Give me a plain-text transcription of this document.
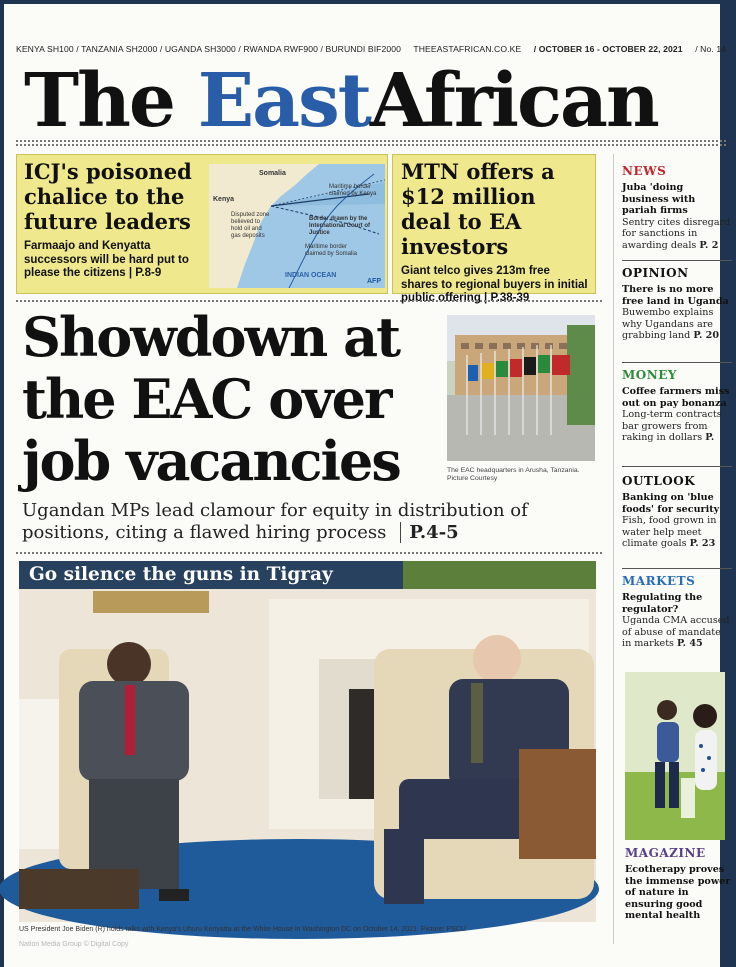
KENYA SH100 / TANZANIA SH2000 / UGANDA SH3000 / RWANDA RWF900 / BURUNDI BIF2000 THEEASTAFRICAN.CO.KE / OCTOBER 16 - OCTOBER 22, 2021 / No. 14
The EastAfrican
ICJ's poisoned chalice to the future leaders

Farmaajo and Kenyatta successors will be hard put to please the citizens | P.8-9

Somalia
Kenya
Disputed zone believed to hold oil and gas deposits
Maritime border claimed by Kenya
Border drawn by the International Court of Justice
Maritime border claimed by Somalia
INDIAN OCEAN
AFP
MTN offers a $12 million deal to EA investors

Giant telco gives 213m free shares to regional buyers in initial public offering | P.38-39

Showdown at the EAC over job vacancies	The EAC headquarters in Arusha, Tanzania.
Picture Courtesy
Ugandan MPs lead clamour for equity in distribution of positions, citing a flawed hiring process P.4-5
Go silence the guns in Tigray
US President Joe Biden (R) holds talks with Kenya's Uhuru Kenyatta at the White House in Washington DC on October 14, 2021. Picture: PSCU
Nation Media Group © Digital Copy
NEWS
Juba 'doing business with pariah firms
Sentry cites disregard for sanctions in awarding deals P. 2
OPINION
There is no more free land in Uganda
Buwembo explains why Ugandans are grabbing land P. 20
MONEY
Coffee farmers miss out on pay bonanza
Long-term contracts bar growers from raking in dollars P.
OUTLOOK
Banking on 'blue foods' for security
Fish, food grown in water help meet climate goals P. 23
MARKETS
Regulating the regulator?
Uganda CMA accused of abuse of mandate in markets P. 45
MAGAZINE
Ecotherapy proves the immense power of nature in ensuring good mental health
